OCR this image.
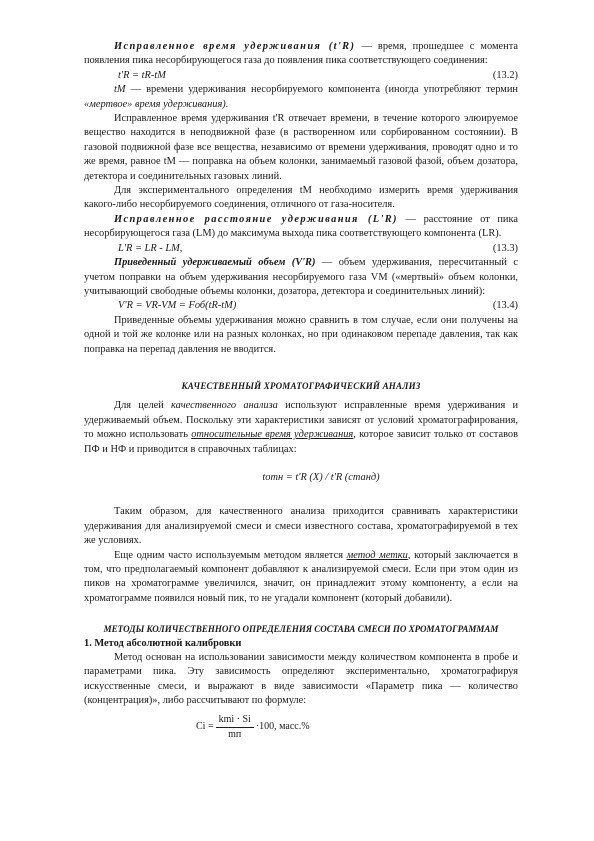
Исправленное время удерживания (t'R) — время, прошедшее с момента появления пика несорбирующегося газа до появления пика соответствующего соединения:

t'R = tR-tM	(13.2)

tM — времени удерживания несорбируемого компонента (иногда употребляют термин «мертвое» время удерживания).

Исправленное время удерживания t'R отвечает времени, в течение которого элюируемое вещество находится в неподвижной фазе (в растворенном или сорбированном состоянии). В газовой подвижной фазе все вещества, независимо от времени удерживания, проводят одно и то же время, равное tM — поправка на объем колонки, занимаемый газовой фазой, объем дозатора, детектора и соединительных газовых линий.

Для экспериментального определения tM необходимо измерить время удерживания какого-либо несорбируемого соединения, отличного от газа-носителя.

Исправленное расстояние удерживания (L'R) — расстояние от пика несорбирующегося газа (LM) до максимума выхода пика соответствующего компонента (LR).

L'R = LR - LM,	(13.3)

Приведенный удерживаемый объем (V'R) — объем удерживания, пересчитанный с учетом поправки на объем удерживания несорбируемого газа VM («мертвый» объем колонки, учитывающий свободные объемы колонки, дозатора, детектора и соединительных линий):

V'R = VR-VM = Fоб(tR-tM)	(13.4)

Приведенные объемы удерживания можно сравнить в том случае, если они получены на одной и той же колонке или на разных колонках, но при одинаковом перепаде давления, так как поправка на перепад давления не вводится.

КАЧЕСТВЕННЫЙ ХРОМАТОГРАФИЧЕСКИЙ АНАЛИЗ

Для целей качественного анализа используют исправленные время удерживания и удерживаемый объем. Поскольку эти характеристики зависят от условий хроматографирования, то можно использовать относительные время удерживания, которое зависит только от составов ПФ и НФ и приводится в справочных таблицах:

tотн = t'R (X) / t'R (станд)

Таким образом, для качественного анализа приходится сравнивать характеристики удерживания для анализируемой смеси и смеси известного состава, хроматографируемой в тех же условиях.

Еще одним часто используемым методом является метод метки, который заключается в том, что предполагаемый компонент добавляют к анализируемой смеси. Если при этом один из пиков на хроматограмме увеличился, значит, он принадлежит этому компоненту, а если на хроматограмме появился новый пик, то не угадали компонент (который добавили).

МЕТОДЫ КОЛИЧЕСТВЕННОГО ОПРЕДЕЛЕНИЯ СОСТАВА СМЕСИ ПО ХРОМАТОГРАММАМ

1. Метод абсолютной калибровки

Метод основан на использовании зависимости между количеством компонента в пробе и параметрами пика. Эту зависимость определяют экспериментально, хроматографируя искусственные смеси, и выражают в виде зависимости «Параметр пика — количество (концентрация)», либо рассчитывают по формуле:

$Ci = \frac{\text{kmi · Si}}{mп} \cdot 100$, масс.%
